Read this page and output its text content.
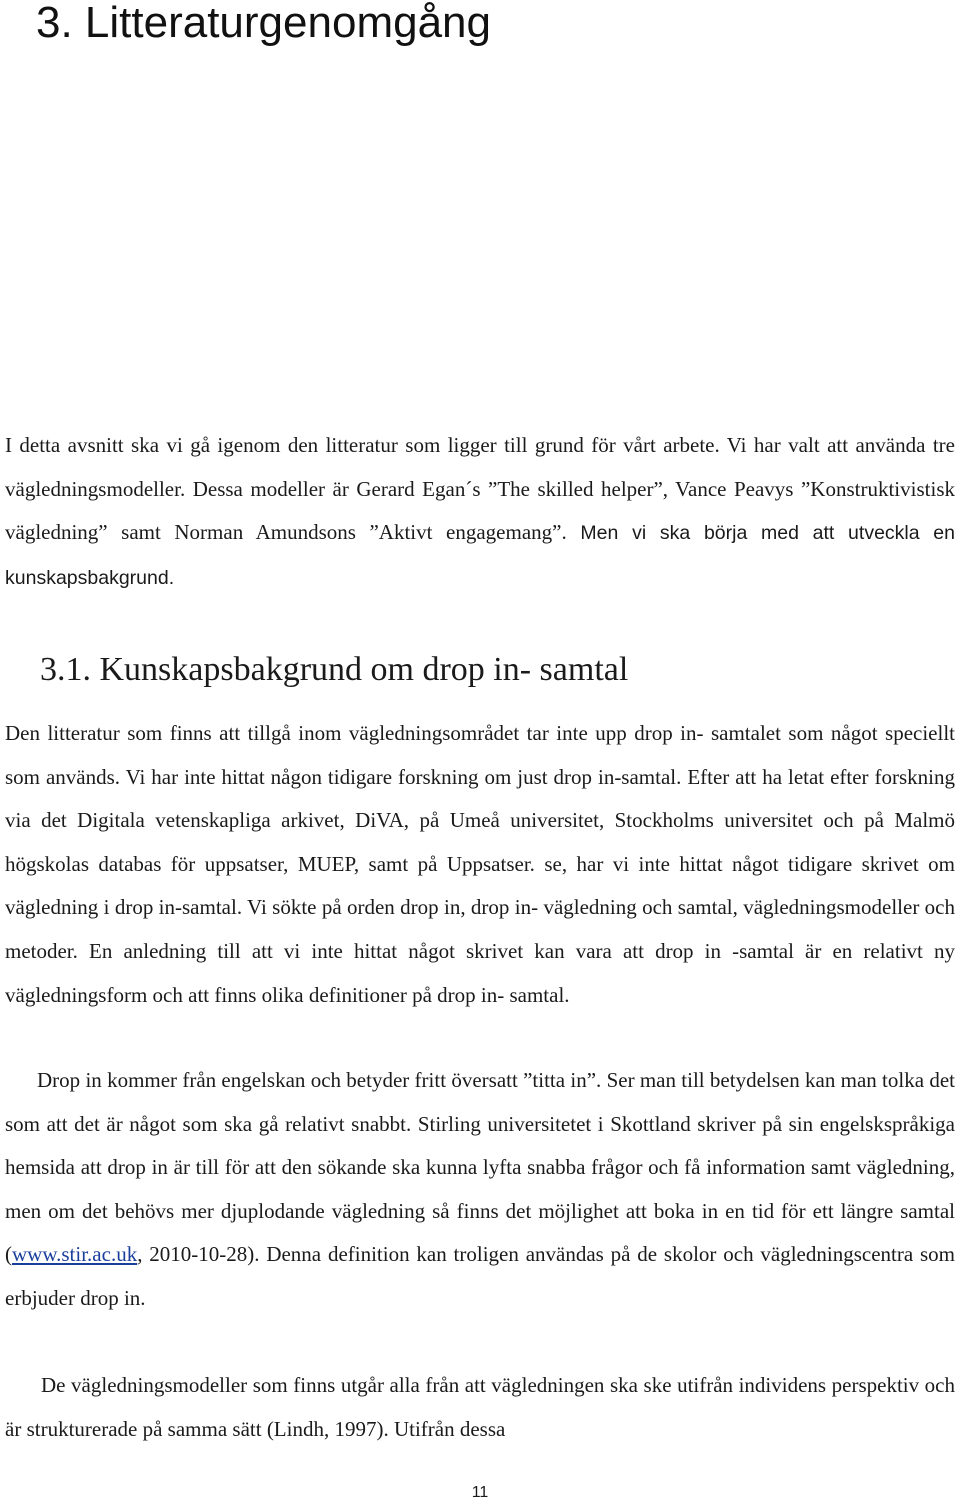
3. Litteraturgenomgång

I detta avsnitt ska vi gå igenom den litteratur som ligger till grund för vårt arbete. Vi har valt att använda tre vägledningsmodeller. Dessa modeller är Gerard Egan´s ”The skilled helper”, Vance Peavys ”Konstruktivistisk vägledning” samt Norman Amundsons ”Aktivt engagemang”. Men vi ska börja med att utveckla en kunskapsbakgrund.

3.1. Kunskapsbakgrund om drop in- samtal

Den litteratur som finns att tillgå inom vägledningsområdet tar inte upp drop in- samtalet som något speciellt som används. Vi har inte hittat någon tidigare forskning om just drop in-samtal. Efter att ha letat efter forskning via det Digitala vetenskapliga arkivet, DiVA, på Umeå universitet, Stockholms universitet och på Malmö högskolas databas för uppsatser, MUEP, samt på Uppsatser. se, har vi inte hittat något tidigare skrivet om vägledning i drop in-samtal. Vi sökte på orden drop in, drop in- vägledning och samtal, vägledningsmodeller och metoder. En anledning till att vi inte hittat något skrivet kan vara att drop in -samtal är en relativt ny vägledningsform och att finns olika definitioner på drop in- samtal.

Drop in kommer från engelskan och betyder fritt översatt ”titta in”. Ser man till betydelsen kan man tolka det som att det är något som ska gå relativt snabbt. Stirling universitetet i Skottland skriver på sin engelskspråkiga hemsida att drop in är till för att den sökande ska kunna lyfta snabba frågor och få information samt vägledning, men om det behövs mer djuplodande vägledning så finns det möjlighet att boka in en tid för ett längre samtal (www.stir.ac.uk, 2010-10-28). Denna definition kan troligen användas på de skolor och vägledningscentra som erbjuder drop in.

De vägledningsmodeller som finns utgår alla från att vägledningen ska ske utifrån individens perspektiv och är strukturerade på samma sätt (Lindh, 1997). Utifrån dessa

11
